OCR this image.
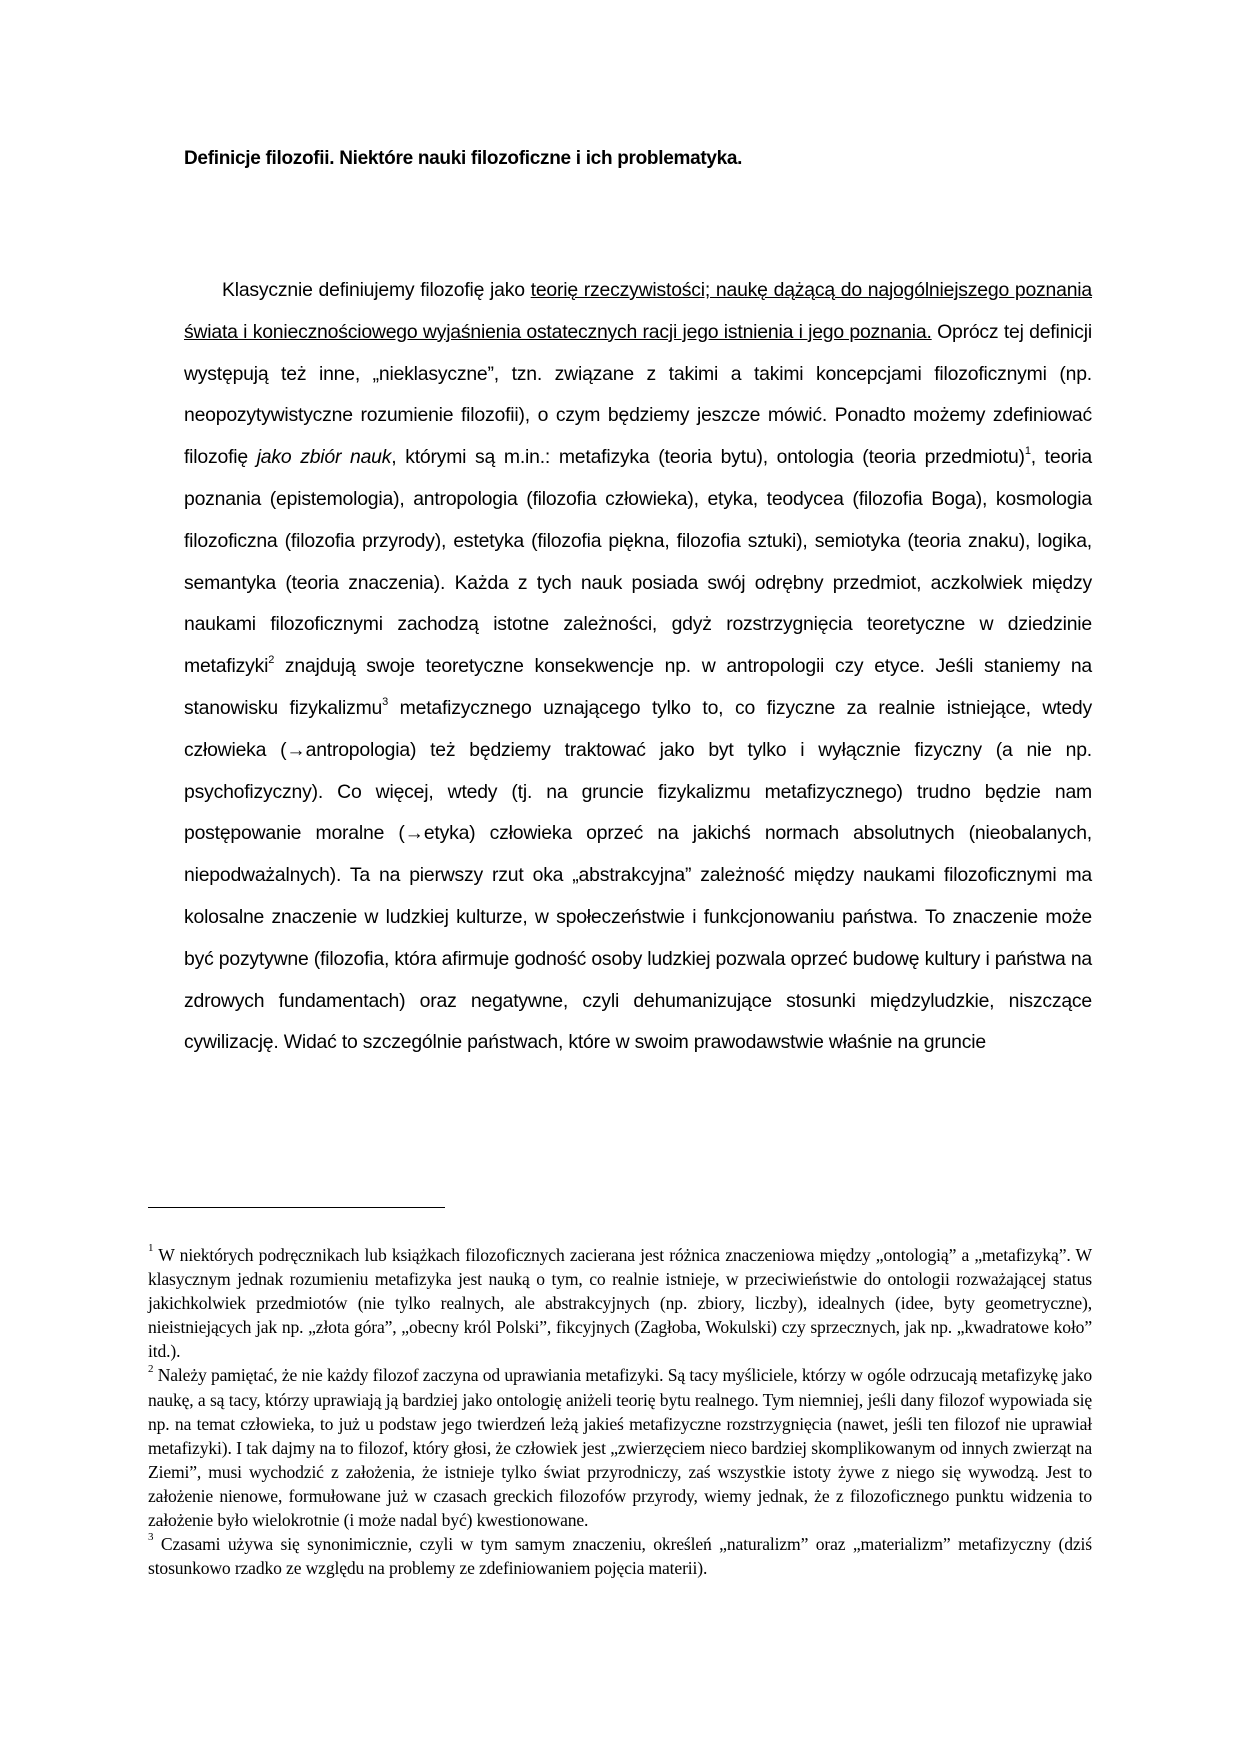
Definicje filozofii. Niektóre nauki filozoficzne i ich problematyka.

Klasycznie definiujemy filozofię jako teorię rzeczywistości; naukę dążącą do najogólniejszego poznania świata i koniecznościowego wyjaśnienia ostatecznych racji jego istnienia i jego poznania. Oprócz tej definicji występują też inne, „nieklasyczne”, tzn. związane z takimi a takimi koncepcjami filozoficznymi (np. neopozytywistyczne rozumienie filozofii), o czym będziemy jeszcze mówić. Ponadto możemy zdefiniować filozofię jako zbiór nauk, którymi są m.in.: metafizyka (teoria bytu), ontologia (teoria przedmiotu)$^1$, teoria poznania (epistemologia), antropologia (filozofia człowieka), etyka, teodycea (filozofia Boga), kosmologia filozoficzna (filozofia przyrody), estetyka (filozofia piękna, filozofia sztuki), semiotyka (teoria znaku), logika, semantyka (teoria znaczenia). Każda z tych nauk posiada swój odrębny przedmiot, aczkolwiek między naukami filozoficznymi zachodzą istotne zależności, gdyż rozstrzygnięcia teoretyczne w dziedzinie metafizyki$^2$ znajdują swoje teoretyczne konsekwencje np. w antropologii czy etyce. Jeśli staniemy na stanowisku fizykalizmu$^3$ metafizycznego uznającego tylko to, co fizyczne za realnie istniejące, wtedy człowieka (→antropologia) też będziemy traktować jako byt tylko i wyłącznie fizyczny (a nie np. psychofizyczny). Co więcej, wtedy (tj. na gruncie fizykalizmu metafizycznego) trudno będzie nam postępowanie moralne (→etyka) człowieka oprzeć na jakichś normach absolutnych (nieobalanych, niepodważalnych). Ta na pierwszy rzut oka „abstrakcyjna” zależność między naukami filozoficznymi ma kolosalne znaczenie w ludzkiej kulturze, w społeczeństwie i funkcjonowaniu państwa. To znaczenie może być pozytywne (filozofia, która afirmuje godność osoby ludzkiej pozwala oprzeć budowę kultury i państwa na zdrowych fundamentach) oraz negatywne, czyli dehumanizujące stosunki międzyludzkie, niszczące cywilizację. Widać to szczególnie państwach, które w swoim prawodawstwie właśnie na gruncie

$^1$ W niektórych podręcznikach lub książkach filozoficznych zacierana jest różnica znaczeniowa między „ontologią” a „metafizyką”. W klasycznym jednak rozumieniu metafizyka jest nauką o tym, co realnie istnieje, w przeciwieństwie do ontologii rozważającej status jakichkolwiek przedmiotów (nie tylko realnych, ale abstrakcyjnych (np. zbiory, liczby), idealnych (idee, byty geometryczne), nieistniejących jak np. „złota góra”, „obecny król Polski”, fikcyjnych (Zagłoba, Wokulski) czy sprzecznych, jak np. „kwadratowe koło” itd.).

$^2$ Należy pamiętać, że nie każdy filozof zaczyna od uprawiania metafizyki. Są tacy myśliciele, którzy w ogóle odrzucają metafizykę jako naukę, a są tacy, którzy uprawiają ją bardziej jako ontologię aniżeli teorię bytu realnego. Tym niemniej, jeśli dany filozof wypowiada się np. na temat człowieka, to już u podstaw jego twierdzeń leżą jakieś metafizyczne rozstrzygnięcia (nawet, jeśli ten filozof nie uprawiał metafizyki). I tak dajmy na to filozof, który głosi, że człowiek jest „zwierzęciem nieco bardziej skomplikowanym od innych zwierząt na Ziemi”, musi wychodzić z założenia, że istnieje tylko świat przyrodniczy, zaś wszystkie istoty żywe z niego się wywodzą. Jest to założenie nienowe, formułowane już w czasach greckich filozofów przyrody, wiemy jednak, że z filozoficznego punktu widzenia to założenie było wielokrotnie (i może nadal być) kwestionowane.

$^3$ Czasami używa się synonimicznie, czyli w tym samym znaczeniu, określeń „naturalizm” oraz „materializm” metafizyczny (dziś stosunkowo rzadko ze względu na problemy ze zdefiniowaniem pojęcia materii).
